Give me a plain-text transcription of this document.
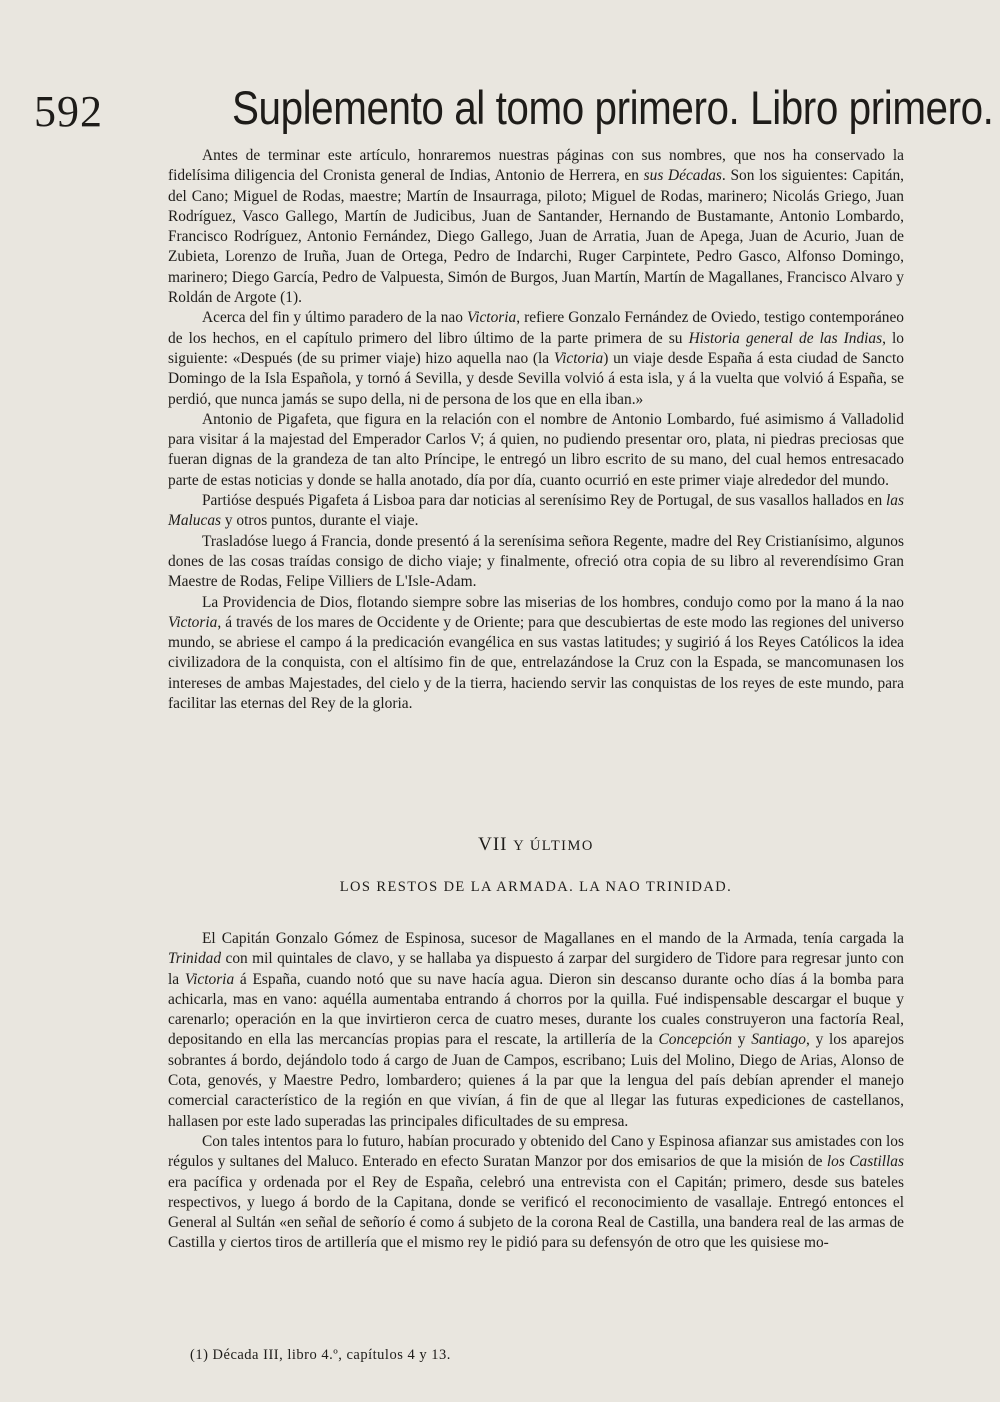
592	Suplemento al tomo primero. Libro primero.

Antes de terminar este artículo, honraremos nuestras páginas con sus nombres, que nos ha conservado la fidelísima diligencia del Cronista general de Indias, Antonio de Herrera, en sus Décadas. Son los siguientes: Capitán, del Cano; Miguel de Rodas, maestre; Martín de Insaurraga, piloto; Miguel de Rodas, marinero; Nicolás Griego, Juan Rodríguez, Vasco Gallego, Martín de Judicibus, Juan de Santander, Hernando de Bustamante, Antonio Lombardo, Francisco Rodríguez, Antonio Fernández, Diego Gallego, Juan de Arratia, Juan de Apega, Juan de Acurio, Juan de Zubieta, Lorenzo de Iruña, Juan de Ortega, Pedro de Indarchi, Ruger Carpintete, Pedro Gasco, Alfonso Domingo, marinero; Diego García, Pedro de Valpuesta, Simón de Burgos, Juan Martín, Martín de Magallanes, Francisco Alvaro y Roldán de Argote (1).

Acerca del fin y último paradero de la nao Victoria, refiere Gonzalo Fernández de Oviedo, testigo contemporáneo de los hechos, en el capítulo primero del libro último de la parte primera de su Historia general de las Indias, lo siguiente: «Después (de su primer viaje) hizo aquella nao (la Victoria) un viaje desde España á esta ciudad de Sancto Domingo de la Isla Española, y tornó á Sevilla, y desde Sevilla volvió á esta isla, y á la vuelta que volvió á España, se perdió, que nunca jamás se supo della, ni de persona de los que en ella iban.»

Antonio de Pigafeta, que figura en la relación con el nombre de Antonio Lombardo, fué asimismo á Valladolid para visitar á la majestad del Emperador Carlos V; á quien, no pudiendo presentar oro, plata, ni piedras preciosas que fueran dignas de la grandeza de tan alto Príncipe, le entregó un libro escrito de su mano, del cual hemos entresacado parte de estas noticias y donde se halla anotado, día por día, cuanto ocurrió en este primer viaje alrededor del mundo.

Partióse después Pigafeta á Lisboa para dar noticias al serenísimo Rey de Portugal, de sus vasallos hallados en las Malucas y otros puntos, durante el viaje.

Trasladóse luego á Francia, donde presentó á la serenísima señora Regente, madre del Rey Cristianísimo, algunos dones de las cosas traídas consigo de dicho viaje; y finalmente, ofreció otra copia de su libro al reverendísimo Gran Maestre de Rodas, Felipe Villiers de L'Isle-Adam.

La Providencia de Dios, flotando siempre sobre las miserias de los hombres, condujo como por la mano á la nao Victoria, á través de los mares de Occidente y de Oriente; para que descubiertas de este modo las regiones del universo mundo, se abriese el campo á la predicación evangélica en sus vastas latitudes; y sugirió á los Reyes Católicos la idea civilizadora de la conquista, con el altísimo fin de que, entrelazándose la Cruz con la Espada, se mancomunasen los intereses de ambas Majestades, del cielo y de la tierra, haciendo servir las conquistas de los reyes de este mundo, para facilitar las eternas del Rey de la gloria.

VII Y ÚLTIMO
LOS RESTOS DE LA ARMADA. LA NAO TRINIDAD.

El Capitán Gonzalo Gómez de Espinosa, sucesor de Magallanes en el mando de la Armada, tenía cargada la Trinidad con mil quintales de clavo, y se hallaba ya dispuesto á zarpar del surgidero de Tidore para regresar junto con la Victoria á España, cuando notó que su nave hacía agua. Dieron sin descanso durante ocho días á la bomba para achicarla, mas en vano: aquélla aumentaba entrando á chorros por la quilla. Fué indispensable descargar el buque y carenarlo; operación en la que invirtieron cerca de cuatro meses, durante los cuales construyeron una factoría Real, depositando en ella las mercancías propias para el rescate, la artillería de la Concepción y Santiago, y los aparejos sobrantes á bordo, dejándolo todo á cargo de Juan de Campos, escribano; Luis del Molino, Diego de Arias, Alonso de Cota, genovés, y Maestre Pedro, lombardero; quienes á la par que la lengua del país debían aprender el manejo comercial característico de la región en que vivían, á fin de que al llegar las futuras expediciones de castellanos, hallasen por este lado superadas las principales dificultades de su empresa.

Con tales intentos para lo futuro, habían procurado y obtenido del Cano y Espinosa afianzar sus amistades con los régulos y sultanes del Maluco. Enterado en efecto Suratan Manzor por dos emisarios de que la misión de los Castillas era pacífica y ordenada por el Rey de España, celebró una entrevista con el Capitán; primero, desde sus bateles respectivos, y luego á bordo de la Capitana, donde se verificó el reconocimiento de vasallaje. Entregó entonces el General al Sultán «en señal de señorío é como á subjeto de la corona Real de Castilla, una bandera real de las armas de Castilla y ciertos tiros de artillería que el mismo rey le pidió para su defensyón de otro que les quisiese mo-

(1) Década III, libro 4.º, capítulos 4 y 13.
